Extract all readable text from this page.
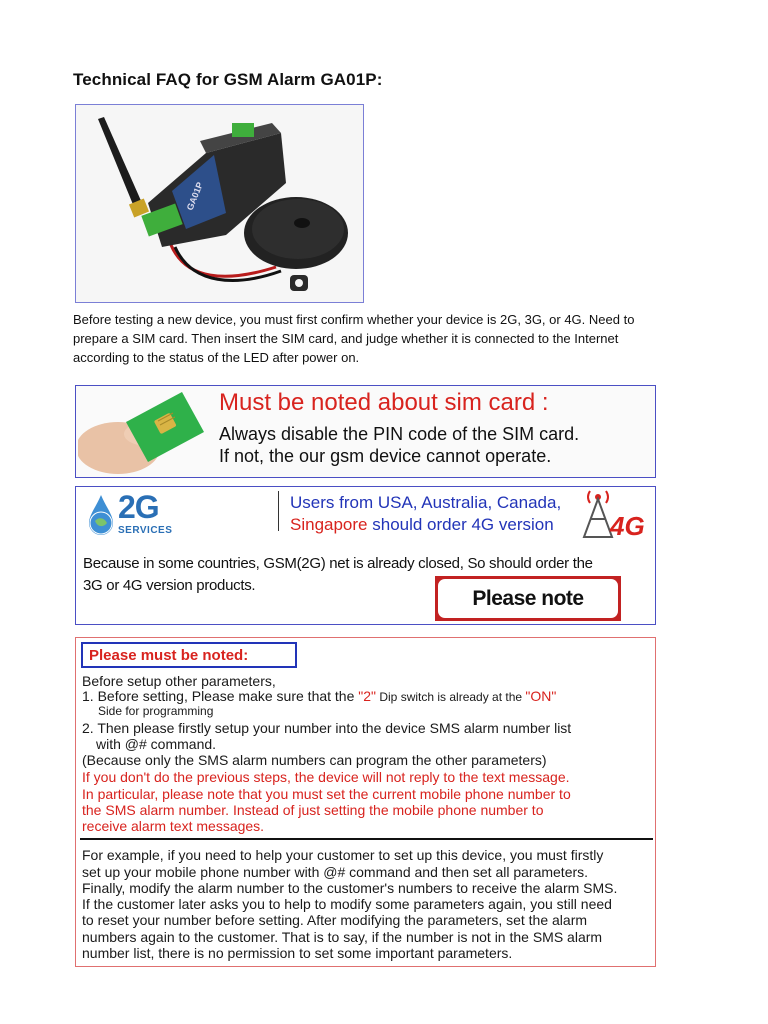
Technical FAQ for GSM Alarm GA01P:
GA01P
Before testing a new device, you must first confirm whether your device is 2G, 3G, or 4G. Need to
prepare a SIM card. Then insert the SIM card, and judge whether it is connected to the Internet
according to the status of the LED after power on.
Must be noted about sim card :
Always disable the PIN code of the SIM card.
If not, the our gsm device cannot operate.
2G
SERVICES
Users from USA, Australia, Canada,
Singapore should order 4G version 4G
Because in some countries, GSM(2G) net is already closed, So should order the
3G or 4G version products.
Please note
Please must be noted:
Before setup other parameters,
1. Before setting, Please make sure that the "2" Dip switch is already at the "ON"
Side for programming
2. Then please firstly setup your number into the device SMS alarm number list
with @# command.
(Because only the SMS alarm numbers can program the other parameters)
If you don't do the previous steps, the device will not reply to the text message.
In particular, please note that you must set the current mobile phone number to
the SMS alarm number. Instead of just setting the mobile phone number to
receive alarm text messages.
For example, if you need to help your customer to set up this device, you must firstly
set up your mobile phone number with @# command and then set all parameters.
Finally, modify the alarm number to the customer's numbers to receive the alarm SMS.
If the customer later asks you to help to modify some parameters again, you still need
to reset your number before setting. After modifying the parameters, set the alarm
numbers again to the customer. That is to say, if the number is not in the SMS alarm
number list, there is no permission to set some important parameters.
